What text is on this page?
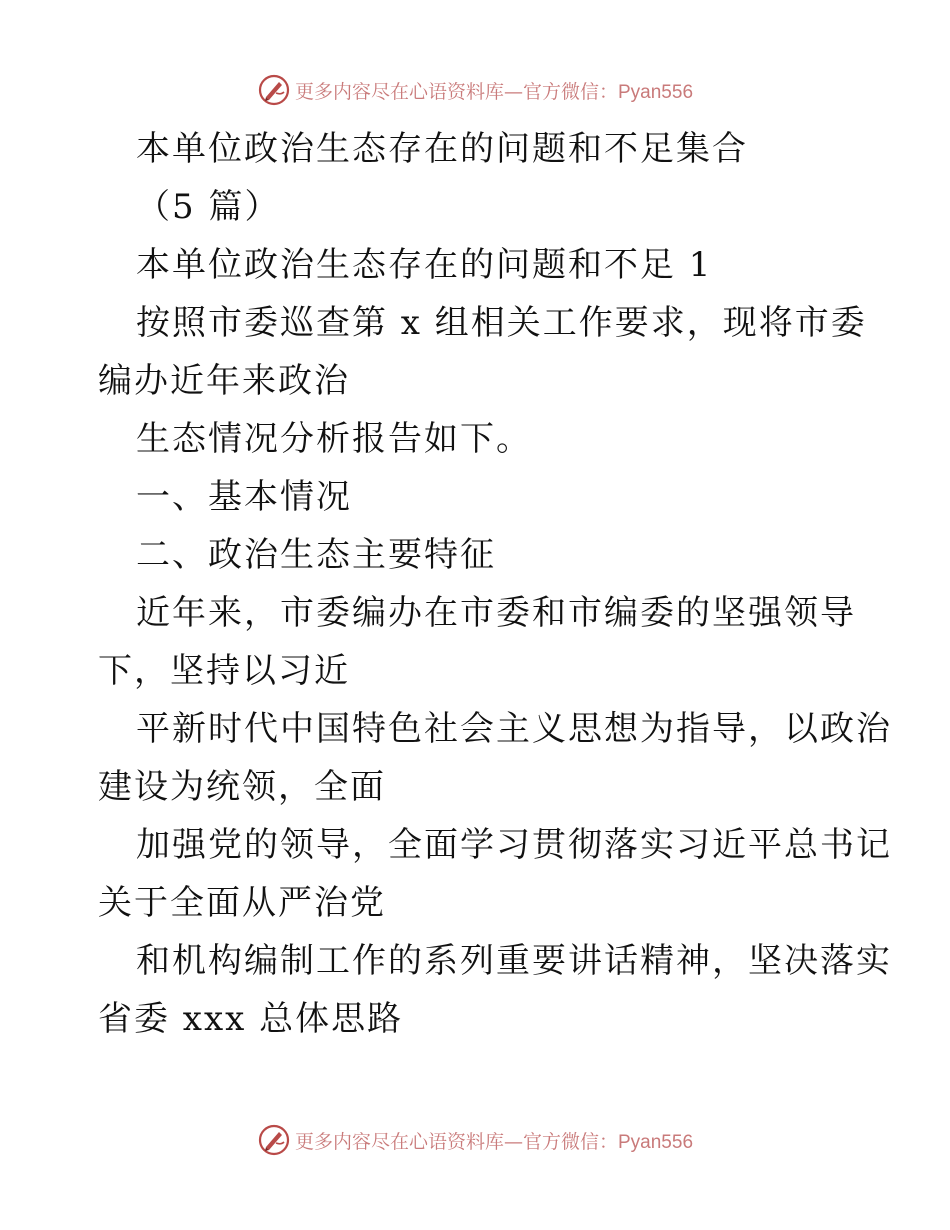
更多内容尽在心语资料库—官方微信：Pyan556
本单位政治生态存在的问题和不足集合
（5 篇）
本单位政治生态存在的问题和不足 1
按照市委巡查第 x 组相关工作要求，现将市委
编办近年来政治
生态情况分析报告如下。
一、基本情况
二、政治生态主要特征
近年来，市委编办在市委和市编委的坚强领导
下，坚持以习近
平新时代中国特色社会主义思想为指导，以政治
建设为统领，全面
加强党的领导，全面学习贯彻落实习近平总书记
关于全面从严治党
和机构编制工作的系列重要讲话精神，坚决落实
省委 xxx 总体思路
更多内容尽在心语资料库—官方微信：Pyan556
